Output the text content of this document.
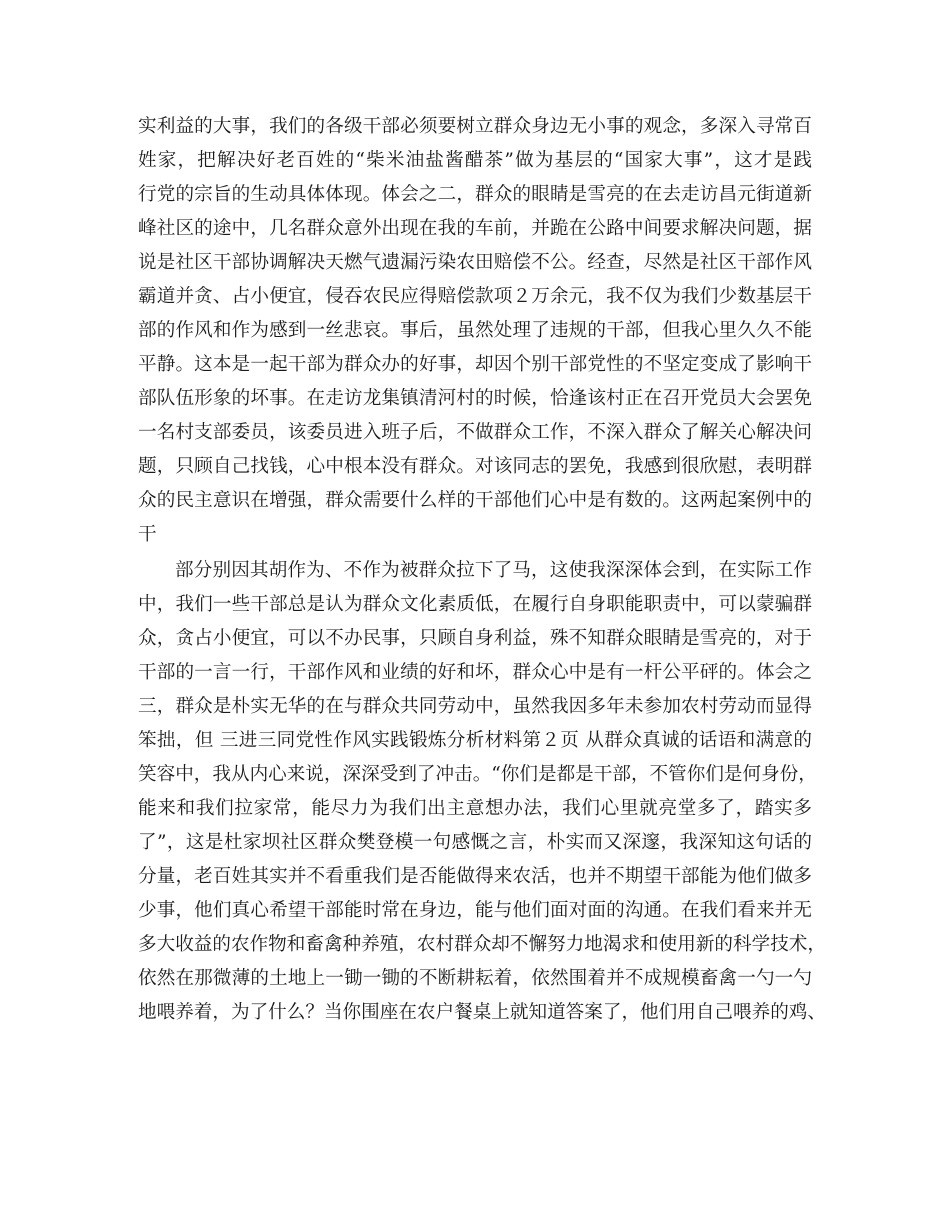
实利益的大事，我们的各级干部必须要树立群众身边无小事的观念，多深入寻常百
姓家，把解决好老百姓的“柴米油盐酱醋茶”做为基层的“国家大事”，这才是践
行党的宗旨的生动具体体现。体会之二，群众的眼睛是雪亮的在去走访昌元街道新
峰社区的途中，几名群众意外出现在我的车前，并跪在公路中间要求解决问题，据
说是社区干部协调解决天燃气遗漏污染农田赔偿不公。经查，尽然是社区干部作风
霸道并贪、占小便宜，侵吞农民应得赔偿款项２万余元，我不仅为我们少数基层干
部的作风和作为感到一丝悲哀。事后，虽然处理了违规的干部，但我心里久久不能
平静。这本是一起干部为群众办的好事，却因个别干部党性的不坚定变成了影响干
部队伍形象的坏事。在走访龙集镇清河村的时候，恰逢该村正在召开党员大会罢免
一名村支部委员，该委员进入班子后，不做群众工作，不深入群众了解关心解决问
题，只顾自己找钱，心中根本没有群众。对该同志的罢免，我感到很欣慰，表明群
众的民主意识在增强，群众需要什么样的干部他们心中是有数的。这两起案例中的
干
部分别因其胡作为、不作为被群众拉下了马，这使我深深体会到，在实际工作
中，我们一些干部总是认为群众文化素质低，在履行自身职能职责中，可以蒙骗群
众，贪占小便宜，可以不办民事，只顾自身利益，殊不知群众眼睛是雪亮的，对于
干部的一言一行，干部作风和业绩的好和坏，群众心中是有一杆公平砰的。体会之
三，群众是朴实无华的在与群众共同劳动中，虽然我因多年未参加农村劳动而显得
笨拙，但 三进三同党性作风实践锻炼分析材料第２页 从群众真诚的话语和满意的
笑容中，我从内心来说，深深受到了冲击。“你们是都是干部，不管你们是何身份，
能来和我们拉家常，能尽力为我们出主意想办法，我们心里就亮堂多了，踏实多
了”，这是杜家坝社区群众樊登模一句感慨之言，朴实而又深邃，我深知这句话的
分量，老百姓其实并不看重我们是否能做得来农活，也并不期望干部能为他们做多
少事，他们真心希望干部能时常在身边，能与他们面对面的沟通。在我们看来并无
多大收益的农作物和畜禽种养殖，农村群众却不懈努力地渴求和使用新的科学技术，
依然在那微薄的土地上一锄一锄的不断耕耘着，依然围着并不成规模畜禽一勺一勺
地喂养着，为了什么？当你围座在农户餐桌上就知道答案了，他们用自己喂养的鸡、
